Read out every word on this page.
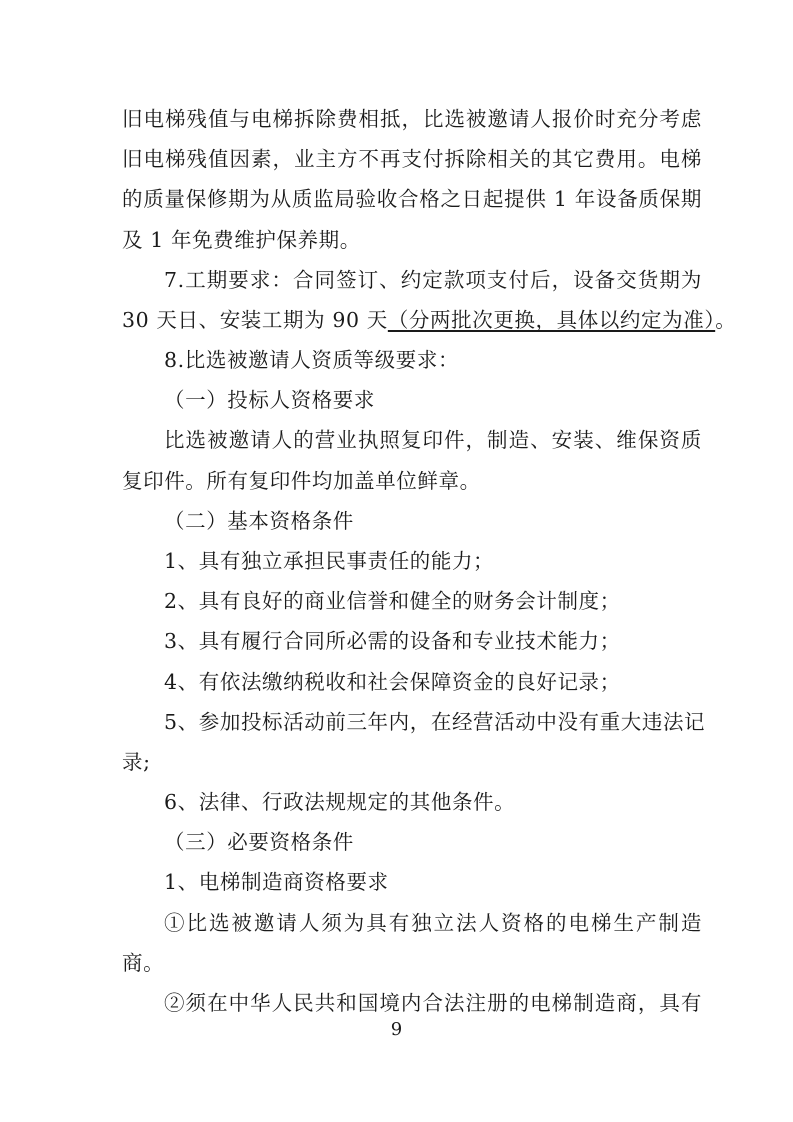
旧电梯残值与电梯拆除费相抵，比选被邀请人报价时充分考虑
旧电梯残值因素，业主方不再支付拆除相关的其它费用。电梯
的质量保修期为从质监局验收合格之日起提供 1 年设备质保期
及 1 年免费维护保养期。
7.工期要求：合同签订、约定款项支付后，设备交货期为
30 天日、安装工期为 90 天（分两批次更换，具体以约定为准）。
8.比选被邀请人资质等级要求：
（一）投标人资格要求
比选被邀请人的营业执照复印件，制造、安装、维保资质
复印件。所有复印件均加盖单位鲜章。
（二）基本资格条件
1、具有独立承担民事责任的能力；
2、具有良好的商业信誉和健全的财务会计制度；
3、具有履行合同所必需的设备和专业技术能力；
4、有依法缴纳税收和社会保障资金的良好记录；
5、参加投标活动前三年内，在经营活动中没有重大违法记
录;
6、法律、行政法规规定的其他条件。
（三）必要资格条件
1、电梯制造商资格要求
①比选被邀请人须为具有独立法人资格的电梯生产制造
商。
9
②须在中华人民共和国境内合法注册的电梯制造商，具有
